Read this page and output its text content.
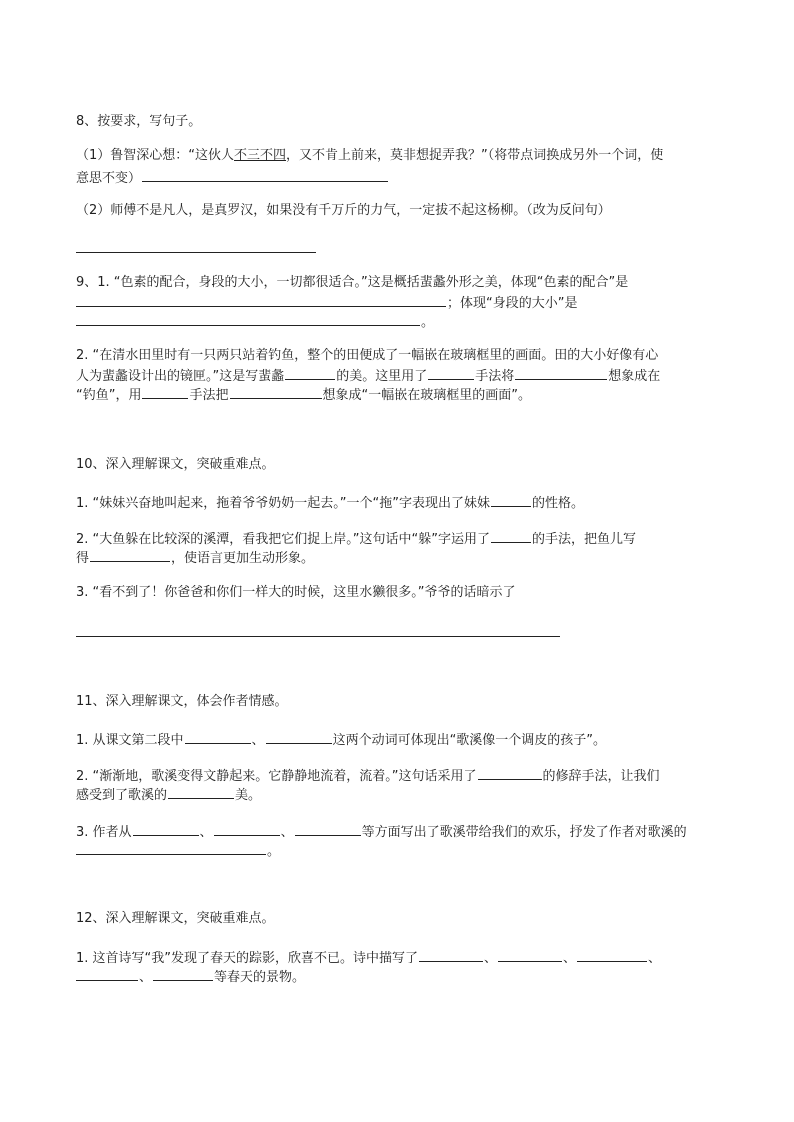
8、按要求，写句子。
（1）鲁智深心想：“这伙人不三不四，又不肯上前来，莫非想捉弄我？”（将带点词换成另外一个词，使
意思不变）
（2）师傅不是凡人，是真罗汉，如果没有千万斤的力气，一定拔不起这杨柳。（改为反问句）
9、1. “色素的配合，身段的大小，一切都很适合。”这是概括蜚蠡外形之美，体现“色素的配合”是
；体现“身段的大小”是
。
2. “在清水田里时有一只两只站着钓鱼，整个的田便成了一幅嵌在玻璃框里的画面。田的大小好像有心
人为蜚蠡设计出的镜匣。”这是写蜚蠡	的美。这里用了	手法将	想象成在
“钓鱼”，用	手法把	想象成“一幅嵌在玻璃框里的画面”。
10、深入理解课文，突破重难点。
1. “妹妹兴奋地叫起来，拖着爷爷奶奶一起去。”一个“拖”字表现出了妹妹	的性格。
2. “大鱼躲在比较深的溪潭，看我把它们捉上岸。”这句话中“躲”字运用了	的手法，把鱼儿写
得	，使语言更加生动形象。
3. “看不到了！你爸爸和你们一样大的时候，这里水獭很多。”爷爷的话暗示了
11、深入理解课文，体会作者情感。
1. 从课文第二段中	、	这两个动词可体现出“歌溪像一个调皮的孩子”。
2. “渐渐地，歌溪变得文静起来。它静静地流着，流着。”这句话采用了	的修辞手法，让我们
感受到了歌溪的	美。
3. 作者从	、	、	等方面写出了歌溪带给我们的欢乐，抒发了作者对歌溪的
。
12、深入理解课文，突破重难点。
1. 这首诗写“我”发现了春天的踪影，欣喜不已。诗中描写了	、	、	、
、	等春天的景物。
